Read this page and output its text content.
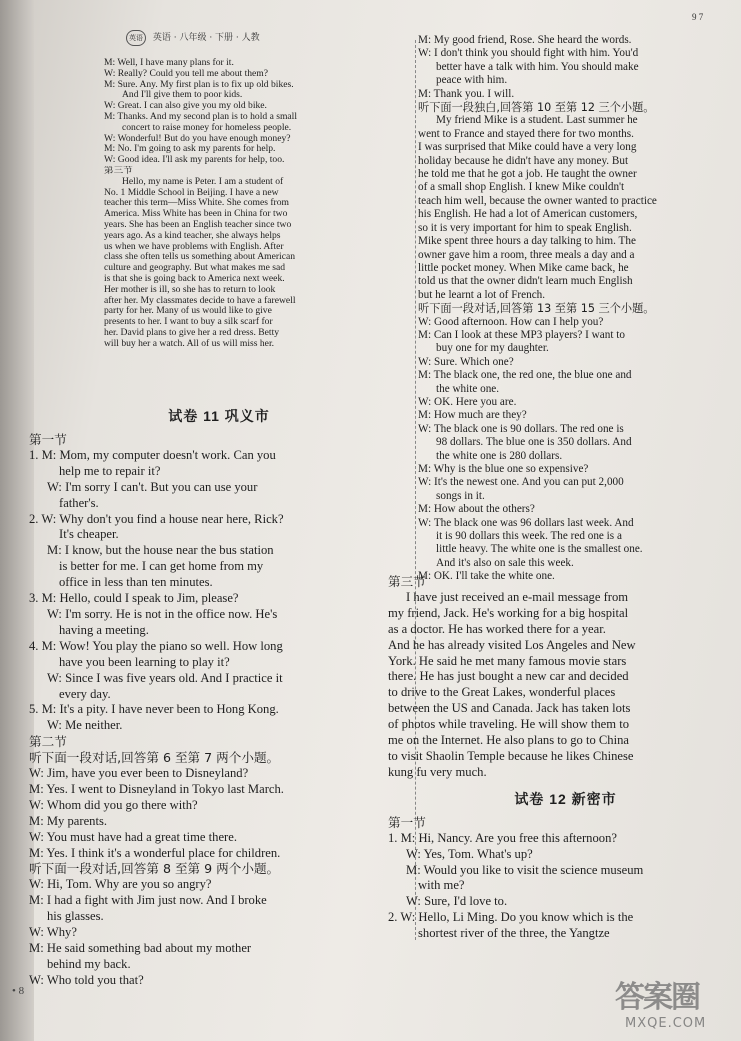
9 7
英语 英语 · 八年级 · 下册 · 人教
M: Well, I have many plans for it.
W: Really? Could you tell me about them?
M: Sure. Any. My first plan is to fix up old bikes.
And I'll give them to poor kids.
W: Great. I can also give you my old bike.
M: Thanks. And my second plan is to hold a small
concert to raise money for homeless people.
W: Wonderful! But do you have enough money?
M: No. I'm going to ask my parents for help.
W: Good idea. I'll ask my parents for help, too.
第三节
Hello, my name is Peter. I am a student of
No. 1 Middle School in Beijing. I have a new
teacher this term—Miss White. She comes from
America. Miss White has been in China for two
years. She has been an English teacher since two
years ago. As a kind teacher, she always helps
us when we have problems with English. After
class she often tells us something about American
culture and geography. But what makes me sad
is that she is going back to America next week.
Her mother is ill, so she has to return to look
after her. My classmates decide to have a farewell
party for her. Many of us would like to give
presents to her. I want to buy a silk scarf for
her. David plans to give her a red dress. Betty
will buy her a watch. All of us will miss her.
试卷 11 巩义市
第一节
1. M: Mom, my computer doesn't work. Can you
help me to repair it?
W: I'm sorry I can't. But you can use your
father's.
2. W: Why don't you find a house near here, Rick?
It's cheaper.
M: I know, but the house near the bus station
is better for me. I can get home from my
office in less than ten minutes.
3. M: Hello, could I speak to Jim, please?
W: I'm sorry. He is not in the office now. He's
having a meeting.
4. M: Wow! You play the piano so well. How long
have you been learning to play it?
W: Since I was five years old. And I practice it
every day.
5. M: It's a pity. I have never been to Hong Kong.
W: Me neither.
第二节
听下面一段对话,回答第 6 至第 7 两个小题。
W: Jim, have you ever been to Disneyland?
M: Yes. I went to Disneyland in Tokyo last March.
W: Whom did you go there with?
M: My parents.
W: You must have had a great time there.
M: Yes. I think it's a wonderful place for children.
听下面一段对话,回答第 8 至第 9 两个小题。
W: Hi, Tom. Why are you so angry?
M: I had a fight with Jim just now. And I broke
his glasses.
W: Why?
M: He said something bad about my mother
behind my back.
W: Who told you that?
M: My good friend, Rose. She heard the words.
W: I don't think you should fight with him. You'd
better have a talk with him. You should make
peace with him.
M: Thank you. I will.
听下面一段独白,回答第 10 至第 12 三个小题。
My friend Mike is a student. Last summer he
went to France and stayed there for two months.
I was surprised that Mike could have a very long
holiday because he didn't have any money. But
he told me that he got a job. He taught the owner
of a small shop English. I knew Mike couldn't
teach him well, because the owner wanted to practice
his English. He had a lot of American customers,
so it is very important for him to speak English.
Mike spent three hours a day talking to him. The
owner gave him a room, three meals a day and a
little pocket money. When Mike came back, he
told us that the owner didn't learn much English
but he learnt a lot of French.
听下面一段对话,回答第 13 至第 15 三个小题。
W: Good afternoon. How can I help you?
M: Can I look at these MP3 players? I want to
buy one for my daughter.
W: Sure. Which one?
M: The black one, the red one, the blue one and
the white one.
W: OK. Here you are.
M: How much are they?
W: The black one is 90 dollars. The red one is
98 dollars. The blue one is 350 dollars. And
the white one is 280 dollars.
M: Why is the blue one so expensive?
W: It's the newest one. And you can put 2,000
songs in it.
M: How about the others?
W: The black one was 96 dollars last week. And
it is 90 dollars this week. The red one is a
little heavy. The white one is the smallest one.
And it's also on sale this week.
M: OK. I'll take the white one.
第三节
I have just received an e-mail message from
my friend, Jack. He's working for a big hospital
as a doctor. He has worked there for a year.
And he has already visited Los Angeles and New
York. He said he met many famous movie stars
there. He has just bought a new car and decided
to drive to the Great Lakes, wonderful places
between the US and Canada. Jack has taken lots
of photos while traveling. He will show them to
me on the Internet. He also plans to go to China
to visit Shaolin Temple because he likes Chinese
kung fu very much.
试卷 12 新密市
第一节
1. M: Hi, Nancy. Are you free this afternoon?
W: Yes, Tom. What's up?
M: Would you like to visit the science museum
with me?
W: Sure, I'd love to.
2. W: Hello, Li Ming. Do you know which is the
shortest river of the three, the Yangtze
• 8	答案圈
MXQE.COM
